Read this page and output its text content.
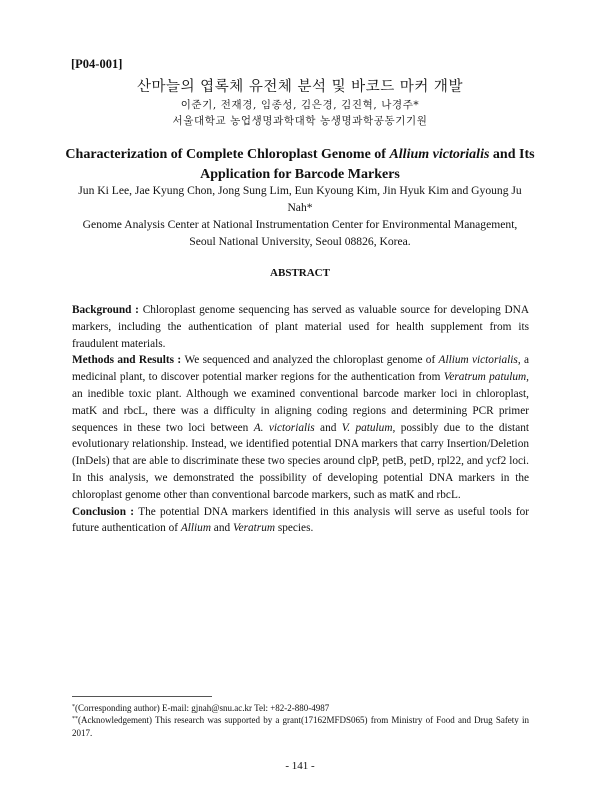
[P04-001]
산마늘의 엽록체 유전체 분석 및 바코드 마커 개발
이준기, 전재경, 임종성, 김은경, 김진혁, 나경주*
서울대학교 농업생명과학대학 농생명과학공동기기원
Characterization of Complete Chloroplast Genome of Allium victorialis and Its Application for Barcode Markers
Jun Ki Lee, Jae Kyung Chon, Jong Sung Lim, Eun Kyoung Kim, Jin Hyuk Kim and Gyoung Ju Nah*
Genome Analysis Center at National Instrumentation Center for Environmental Management, Seoul National University, Seoul 08826, Korea.
ABSTRACT

Background : Chloroplast genome sequencing has served as valuable source for developing DNA markers, including the authentication of plant material used for health supplement from its fraudulent materials.

Methods and Results : We sequenced and analyzed the chloroplast genome of Allium victorialis, a medicinal plant, to discover potential marker regions for the authentication from Veratrum patulum, an inedible toxic plant. Although we examined conventional barcode marker loci in chloroplast, matK and rbcL, there was a difficulty in aligning coding regions and determining PCR primer sequences in these two loci between A. victorialis and V. patulum, possibly due to the distant evolutionary relationship. Instead, we identified potential DNA markers that carry Insertion/Deletion (InDels) that are able to discriminate these two species around clpP, petB, petD, rpl22, and ycf2 loci. In this analysis, we demonstrated the possibility of developing potential DNA markers in the chloroplast genome other than conventional barcode markers, such as matK and rbcL.

Conclusion : The potential DNA markers identified in this analysis will serve as useful tools for future authentication of Allium and Veratrum species.

*(Corresponding author) E-mail: gjnah@snu.ac.kr Tel: +82-2-880-4987
**(Acknowledgement) This research was supported by a grant(17162MFDS065) from Ministry of Food and Drug Safety in 2017.
- 141 -
